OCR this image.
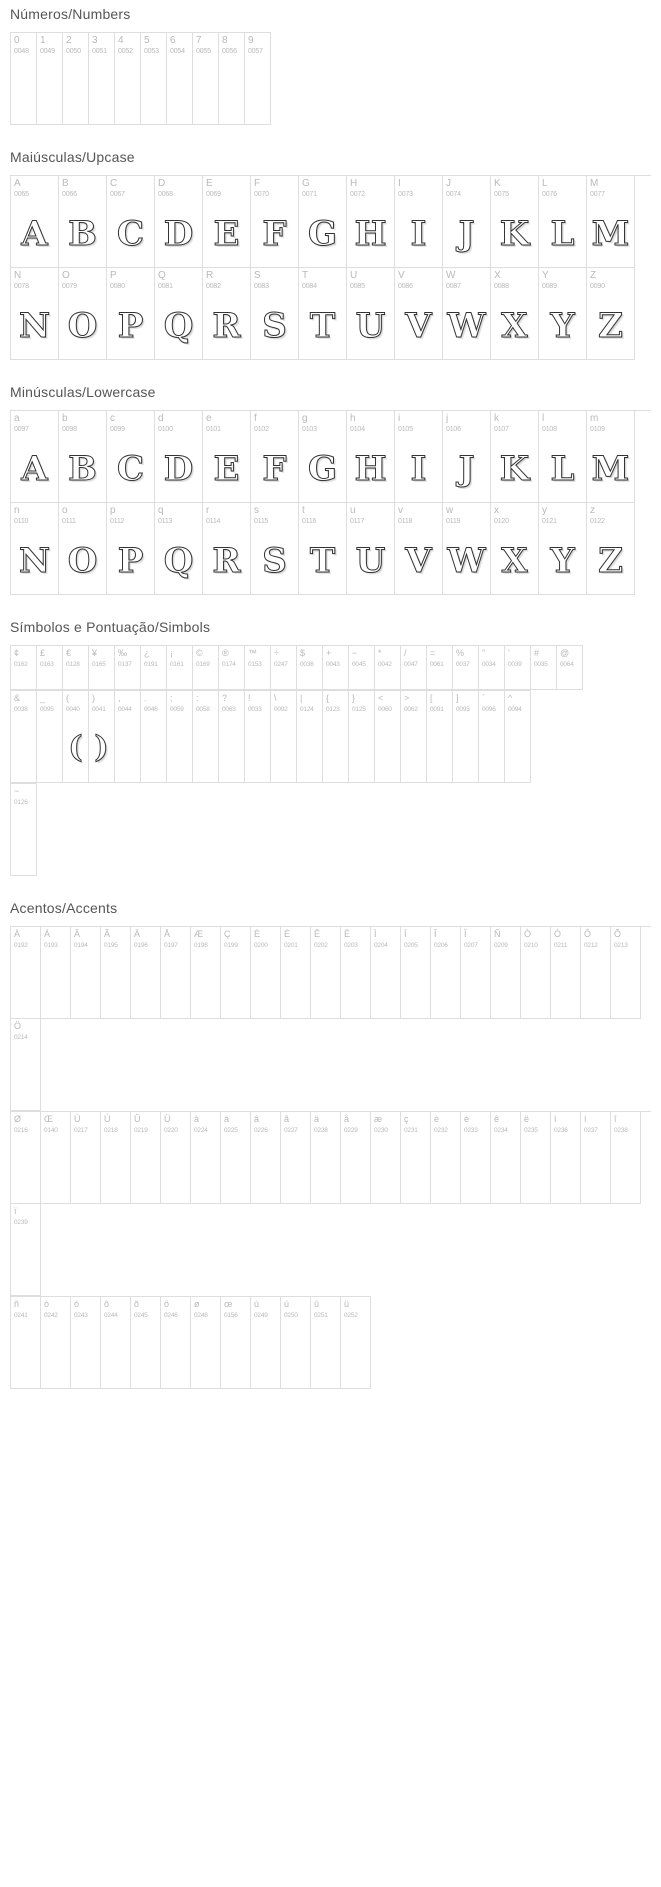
Números/Numbers
0
0048
1
0049
2
0050
3
0051
4
0052
5
0053
6
0054
7
0055
8
0056
9
0057
Maiúsculas/Upcase
A
0065
A
B
0066
B
C
0067
C
D
0068
D
E
0069
E
F
0070
F
G
0071
G
H
0072
H
I
0073
I
J
0074
J
K
0075
K
L
0076
L
M
0077
M
N
0078
N
O
0079
O
P
0080
P
Q
0081
Q
R
0082
R
S
0083
S
T
0084
T
U
0085
U
V
0086
V
W
0087
W
X
0088
X
Y
0089
Y
Z
0090
Z
Minúsculas/Lowercase
a
0097
A
b
0098
B
c
0099
C
d
0100
D
e
0101
E
f
0102
F
g
0103
G
h
0104
H
i
0105
I
j
0106
J
k
0107
K
l
0108
L
m
0109
M
n
0110
N
o
0111
O
p
0112
P
q
0113
Q
r
0114
R
s
0115
S
t
0116
T
u
0117
U
v
0118
V
w
0119
W
x
0120
X
y
0121
Y
z
0122
Z
Símbolos e Pontuação/Simbols
¢
0162
£
0163
€
0128
¥
0165
‰
0137
¿
0191
¡
0161
©
0169
®
0174
™
0153
÷
0247
$
0036
+
0043
−
0045
*
0042
/
0047
=
0061
%
0037
”
0034
'
0039
#
0035
@
0064
&
0038
_
0095
(
0040
(
)
0041
)
,
0044
.
0046
;
0059
:
0058
?
0063
!
0033
\
0092
|
0124
{
0123
}
0125
<
0060
>
0062
[
0091
]
0093
`
0096
^
0094
~
0126
Acentos/Accents
À
0192
Á
0193
Â
0194
Ã
0195
Ä
0196
Å
0197
Æ
0198
Ç
0199
È
0200
É
0201
Ê
0202
Ë
0203
Ì
0204
Í
0205
Î
0206
Ï
0207
Ñ
0209
Ò
0210
Ó
0211
Ô
0212
Õ
0213
Ö
0214
Ø
0216
Œ
0140
Ù
0217
Ú
0218
Û
0219
Ü
0220
à
0224
á
0225
â
0226
ã
0227
ä
0228
å
0229
æ
0230
ç
0231
è
0232
é
0233
ê
0234
ë
0235
ì
0236
í
0237
î
0238
ï
0239
ñ
0241
ò
0242
ó
0243
ô
0244
õ
0245
ö
0246
ø
0248
œ
0156
ù
0249
ú
0250
û
0251
ü
0252
